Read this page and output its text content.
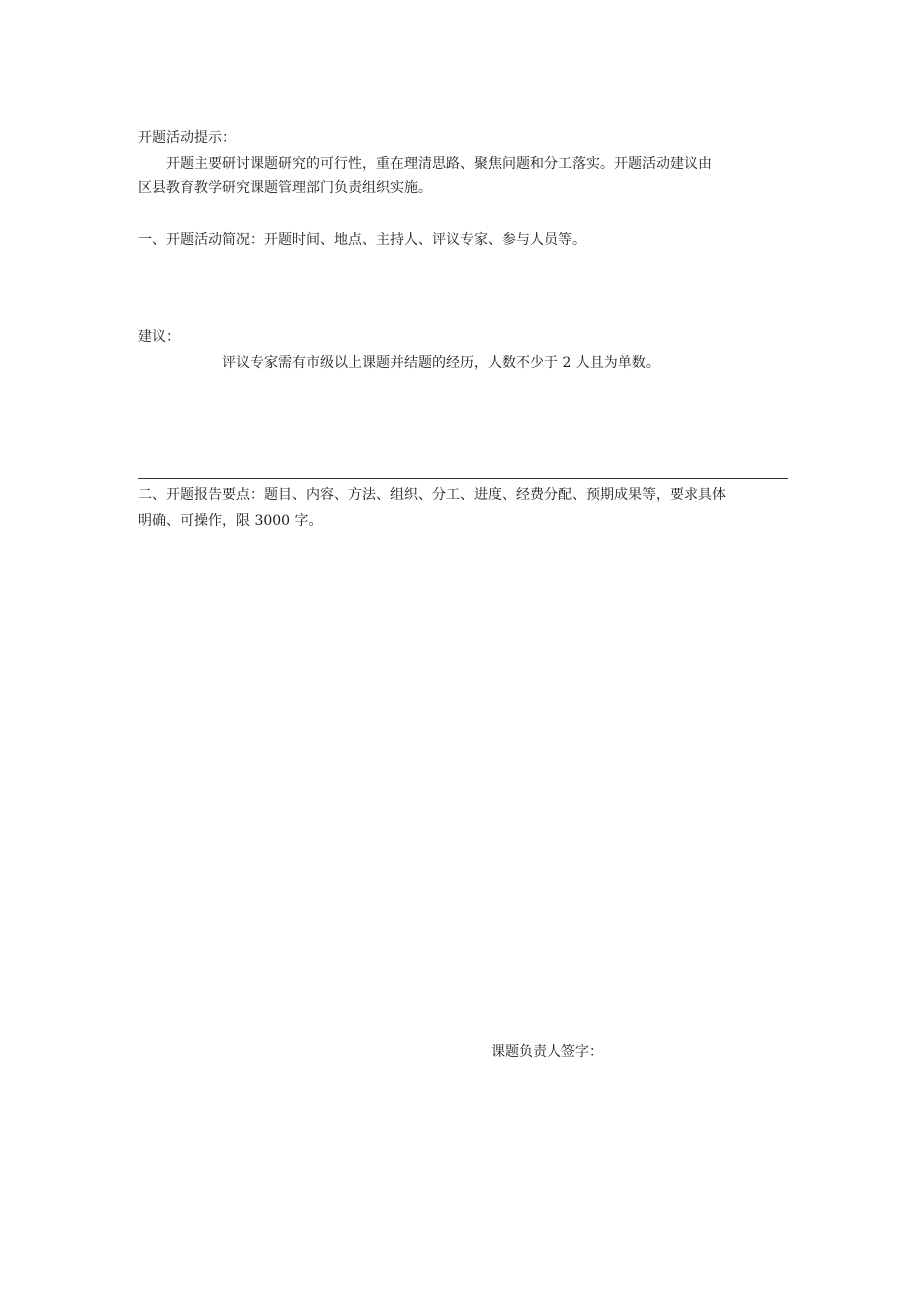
开题活动提示：
开题主要研讨课题研究的可行性，重在理清思路、聚焦问题和分工落实。开题活动建议由
区县教育教学研究课题管理部门负责组织实施。
一、开题活动简况：开题时间、地点、主持人、评议专家、参与人员等。
建议：
评议专家需有市级以上课题并结题的经历，人数不少于 2 人且为单数。
二、开题报告要点：题目、内容、方法、组织、分工、进度、经费分配、预期成果等，要求具体
明确、可操作，限 3000 字。
课题负责人签字：
